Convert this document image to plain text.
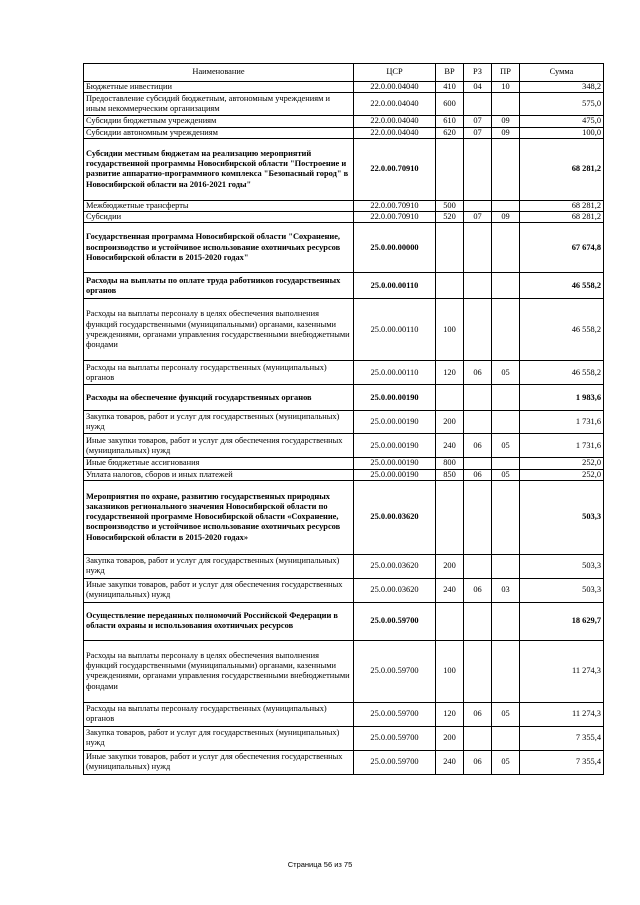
Наименование	ЦСР	ВР	РЗ	ПР	Сумма
Бюджетные инвестиции	22.0.00.04040	410	04	10	348,2
Предоставление субсидий бюджетным, автономным учреждениям и иным некоммерческим организациям	22.0.00.04040	600			575,0
Субсидии бюджетным учреждениям	22.0.00.04040	610	07	09	475,0
Субсидии автономным учреждениям	22.0.00.04040	620	07	09	100,0
Субсидии местным бюджетам на реализацию мероприятий государственной программы Новосибирской области "Построение и развитие аппаратно-программного комплекса "Безопасный город" в Новосибирской области на 2016-2021 годы"	22.0.00.70910				68 281,2
Межбюджетные трансферты	22.0.00.70910	500			68 281,2
Субсидии	22.0.00.70910	520	07	09	68 281,2
Государственная программа Новосибирской области "Сохранение, воспроизводство и устойчивое использование охотничьих ресурсов Новосибирской области в 2015-2020 годах"	25.0.00.00000				67 674,8
Расходы на выплаты по оплате труда работников государственных органов	25.0.00.00110				46 558,2
Расходы на выплаты персоналу в целях обеспечения выполнения функций государственными (муниципальными) органами, казенными учреждениями, органами управления государственными внебюджетными фондами	25.0.00.00110	100			46 558,2
Расходы на выплаты персоналу государственных (муниципальных) органов	25.0.00.00110	120	06	05	46 558,2
Расходы на обеспечение функций государственных органов	25.0.00.00190				1 983,6
Закупка товаров, работ и услуг для государственных (муниципальных) нужд	25.0.00.00190	200			1 731,6
Иные закупки товаров, работ и услуг для обеспечения государственных (муниципальных) нужд	25.0.00.00190	240	06	05	1 731,6
Иные бюджетные ассигнования	25.0.00.00190	800			252,0
Уплата налогов, сборов и иных платежей	25.0.00.00190	850	06	05	252,0
Мероприятия по охране, развитию государственных природных заказников регионального значения Новосибирской области по государственной программе Новосибирской области «Сохранение, воспроизводство и устойчивое использование охотничьих ресурсов Новосибирской области в 2015-2020 годах»	25.0.00.03620				503,3
Закупка товаров, работ и услуг для государственных (муниципальных) нужд	25.0.00.03620	200			503,3
Иные закупки товаров, работ и услуг для обеспечения государственных (муниципальных) нужд	25.0.00.03620	240	06	03	503,3
Осуществление переданных полномочий Российской Федерации в области охраны и использования охотничьих ресурсов	25.0.00.59700				18 629,7
Расходы на выплаты персоналу в целях обеспечения выполнения функций государственными (муниципальными) органами, казенными учреждениями, органами управления государственными внебюджетными фондами	25.0.00.59700	100			11 274,3
Расходы на выплаты персоналу государственных (муниципальных) органов	25.0.00.59700	120	06	05	11 274,3
Закупка товаров, работ и услуг для государственных (муниципальных) нужд	25.0.00.59700	200			7 355,4
Иные закупки товаров, работ и услуг для обеспечения государственных (муниципальных) нужд	25.0.00.59700	240	06	05	7 355,4
Страница 56 из 75
